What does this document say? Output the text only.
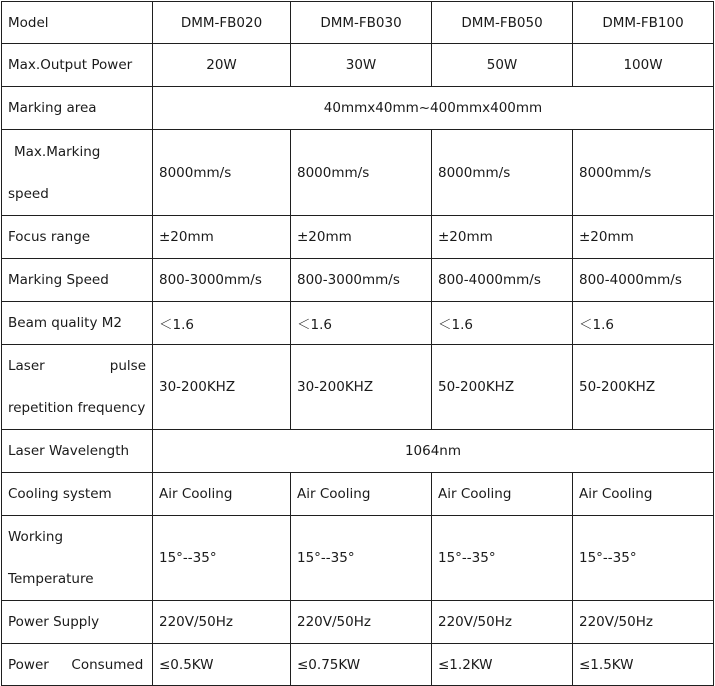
Model	DMM-FB020	DMM-FB030	DMM-FB050	DMM-FB100
Max.Output Power	20W	30W	50W	100W
Marking area	40mmx40mm~400mmx400mm			
Max.Marking

speed	8000mm/s	8000mm/s	8000mm/s	8000mm/s
Focus range	±20mm	±20mm	±20mm	±20mm
Marking Speed	800-3000mm/s	800-3000mm/s	800-4000mm/s	800-4000mm/s
Beam quality M2	＜1.6	＜1.6	＜1.6	＜1.6

Laser pulse
repetition frequency	30-200KHZ	30-200KHZ	50-200KHZ	50-200KHZ
Laser Wavelength	1064nm			
Cooling system	Air Cooling	Air Cooling	Air Cooling	Air Cooling

Working
Temperature	15°--35°	15°--35°	15°--35°	15°--35°
Power Supply	220V/50Hz	220V/50Hz	220V/50Hz	220V/50Hz
Power Consumed	≤0.5KW	≤0.75KW	≤1.2KW	≤1.5KW
